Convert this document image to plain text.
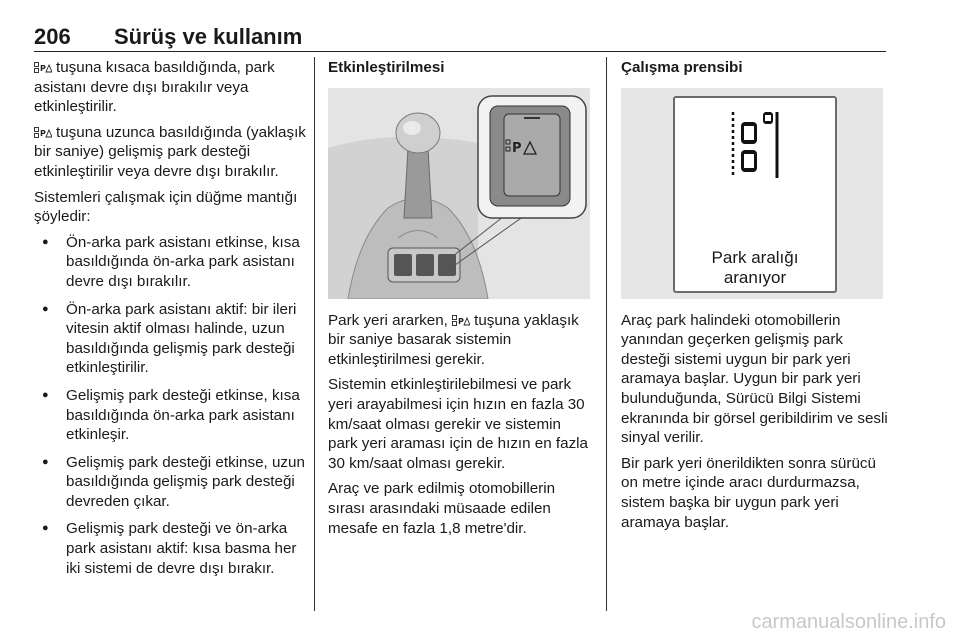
206 Sürüş ve kullanım

P tuşuna kısaca basıldığında, park asistanı devre dışı bırakılır veya etkinleştirilir.

P tuşuna uzunca basıldığında (yaklaşık bir saniye) gelişmiş park desteği etkinleştirilir veya devre dışı bırakılır.

Sistemleri çalışmak için düğme mantığı şöyledir:

● Ön-arka park asistanı etkinse, kısa basıldığında ön-arka park asistanı devre dışı bırakılır.
● Ön-arka park asistanı aktif: bir ileri vitesin aktif olması halinde, uzun basıldığında gelişmiş park desteği etkinleştirilir.
● Gelişmiş park desteği etkinse, kısa basıldığında ön-arka park asistanı etkinleşir.
● Gelişmiş park desteği etkinse, uzun basıldığında gelişmiş park desteği devreden çıkar.
● Gelişmiş park desteği ve ön-arka park asistanı aktif: kısa basma her iki sistemi de devre dışı bırakır.
Etkinleştirilmesi
P

Park yeri ararken, P tuşuna yaklaşık bir saniye basarak sistemin etkinleştirilmesi gerekir.

Sistemin etkinleştirilebilmesi ve park yeri arayabilmesi için hızın en fazla 30 km/saat olması gerekir ve sistemin park yeri araması için de hızın en fazla 30 km/saat olması gerekir.

Araç ve park edilmiş otomobillerin sırası arasındaki müsaade edilen mesafe en fazla 1,8 metre'dir.

Çalışma prensibi
Park aralığı
aranıyor

Araç park halindeki otomobillerin yanından geçerken gelişmiş park desteği sistemi uygun bir park yeri aramaya başlar. Uygun bir park yeri bulunduğunda, Sürücü Bilgi Sistemi ekranında bir görsel geribildirim ve sesli sinyal verilir.

Bir park yeri önerildikten sonra sürücü on metre içinde aracı durdurmazsa, sistem başka bir uygun park yeri aramaya başlar.

carmanualsonline.info
